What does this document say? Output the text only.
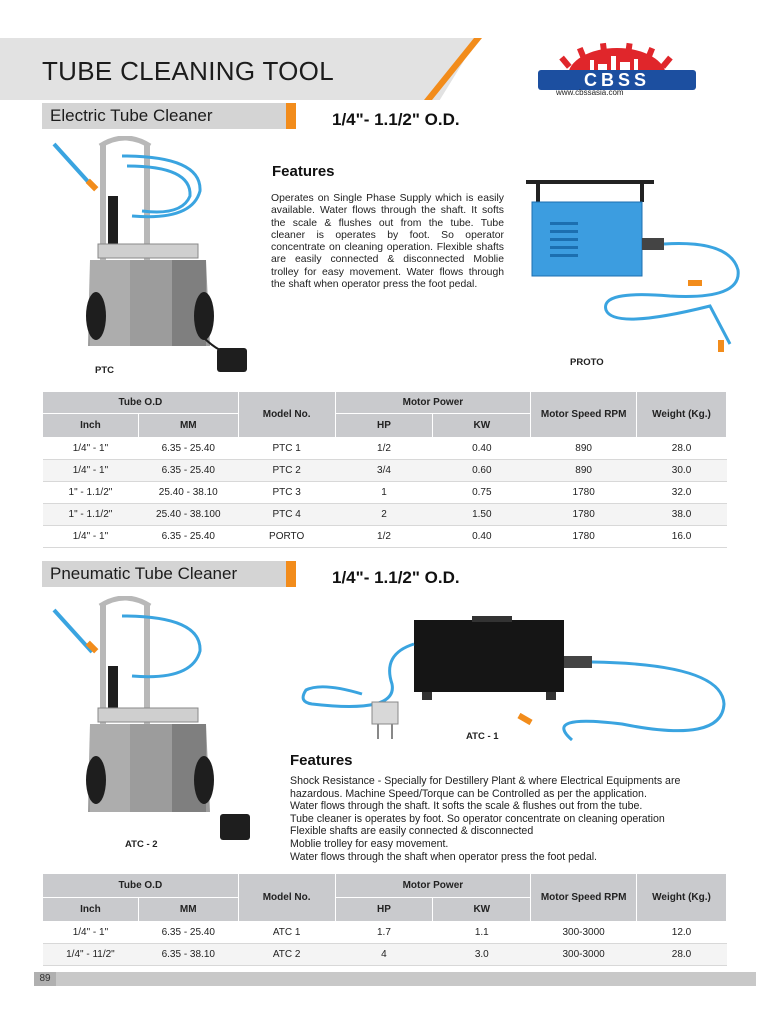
TUBE CLEANING TOOL	CBSS
www.cbssasia.com
Electric Tube Cleaner	1/4"- 1.1/2" O.D.
PTC
Features
Operates on Single Phase Supply which is easily available. Water flows through the shaft. It softs the scale & flushes out from the tube. Tube cleaner is operates by foot. So operator concentrate on cleaning operation. Flexible shafts are easily connected & disconnected Moblie trolley for easy movement. Water flows through the shaft when operator press the foot pedal.
PROTO
Tube O.D		Model No.	Motor Power		Motor Speed RPM	Weight (Kg.)
Inch	MM		HP	KW		
1/4" - 1"	6.35 - 25.40	PTC 1	1/2	0.40	890	28.0
1/4" - 1"	6.35 - 25.40	PTC 2	3/4	0.60	890	30.0
1" - 1.1/2"	25.40 - 38.10	PTC 3	1	0.75	1780	32.0
1" - 1.1/2"	25.40 - 38.100	PTC 4	2	1.50	1780	38.0
1/4" - 1"	6.35 - 25.40	PORTO	1/2	0.40	1780	16.0
Pneumatic Tube Cleaner	1/4"- 1.1/2" O.D.
ATC - 2
ATC - 1
Features
Shock Resistance - Specially for Destillery Plant & where Electrical Equipments are
hazardous. Machine Speed/Torque can be Controlled as per the application.
Water flows through the shaft. It softs the scale & flushes out from the tube.
Tube cleaner is operates by foot. So operator concentrate on cleaning operation
Flexible shafts are easily connected & disconnected
Moblie trolley for easy movement.
Water flows through the shaft when operator press the foot pedal.
Tube O.D		Model No.	Motor Power		Motor Speed RPM	Weight (Kg.)
Inch	MM		HP	KW		
1/4" - 1"	6.35 - 25.40	ATC 1	1.7	1.1	300-3000	12.0
1/4" - 11/2"	6.35 - 38.10	ATC 2	4	3.0	300-3000	28.0
89
